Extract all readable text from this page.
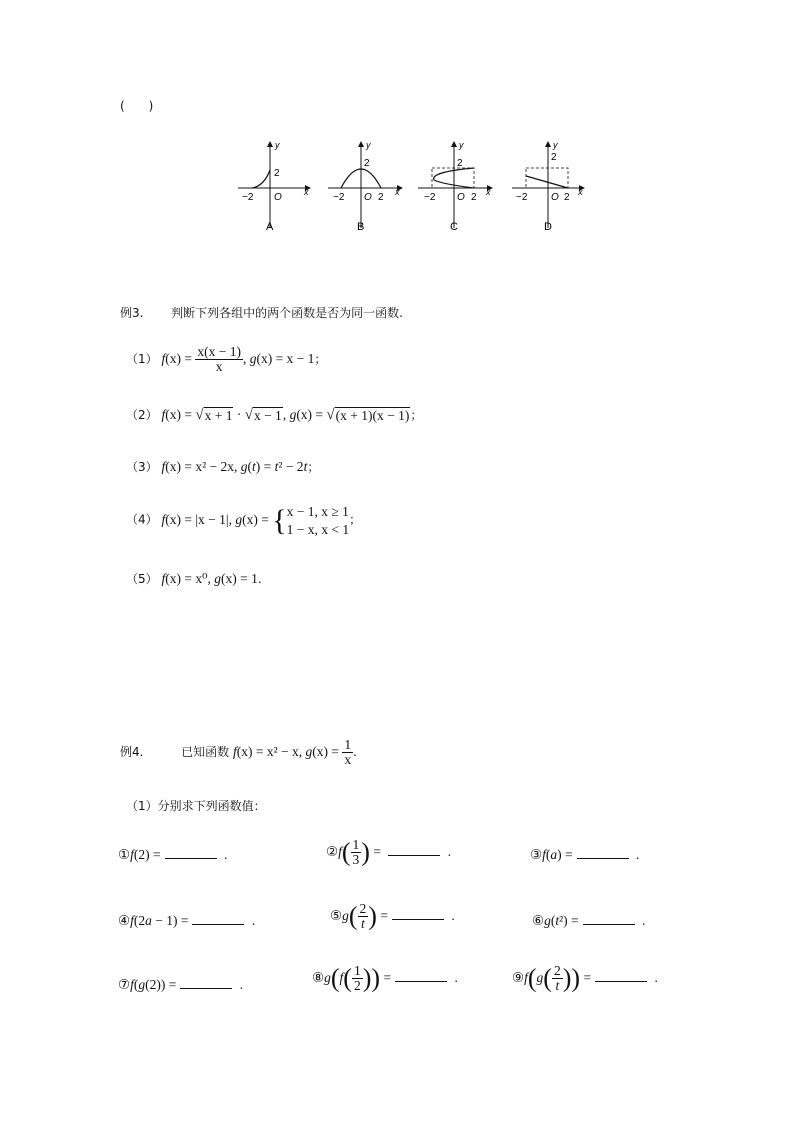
(　　)
y
x
2
−2 O
y
x
2
−2 O 2
y
x
2
−2 O 2
y
x
2
−2 O 2
A	B	C	D
例3. 判断下列各组中的两个函数是否为同一函数.
（1） $f(x) = \frac{x(x - 1)}{x}$ , g(x) = x − 1；
（2） f(x) = √ x + 1 · √ x − 1 , g(x) = √ (x + 1)(x − 1) ；
（3） f(x) = x² − 2x, g(t) = t² − 2t；
（4） f(x) = |x − 1|, g(x) = { x − 1, x ≥ 1
1 − x, x < 1
；
（5） f(x) = x⁰, g(x) = 1.
例4.	已知函数 f(x) = x² − x, $g(x) = \frac{1}{x}$ .
（1）分别求下列函数值：
①f(2) =	.	②f( $\frac{1}{3}$ ) =	.	③f(a) =	.
④f(2a − 1) =	.	⑤g( $\frac{2}{t}$ ) =	.	⑥g(t²) =	.
⑦f(g(2)) =	.	⑧g(f( $\frac{1}{2}$ )) =	.	⑨f(g( $\frac{2}{t}$ )) =	.
